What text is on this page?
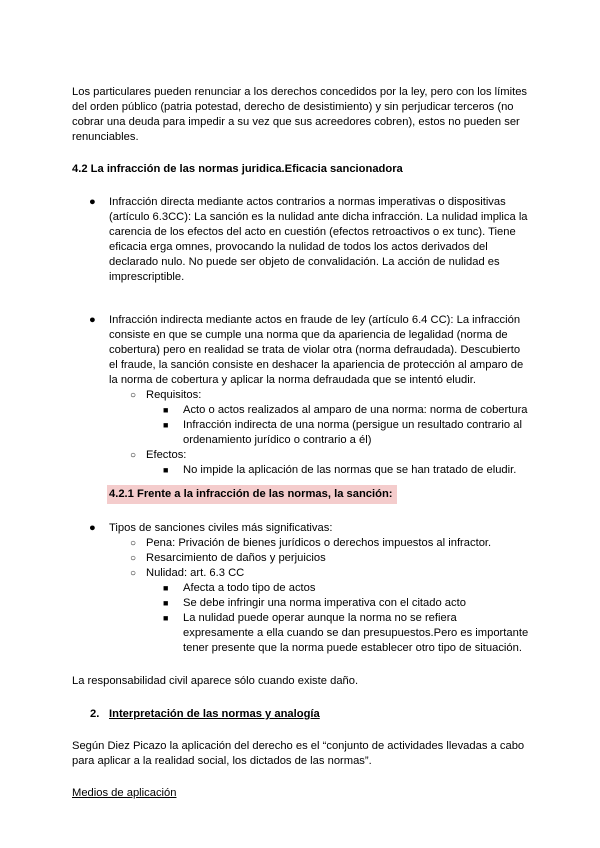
Los particulares pueden renunciar a los derechos concedidos por la ley, pero con los límites del orden público (patria potestad, derecho de desistimiento) y sin perjudicar terceros (no cobrar una deuda para impedir a su vez que sus acreedores cobren), estos no pueden ser renunciables.

4.2 La infracción de las normas juridica.Eficacia sancionadora

● Infracción directa mediante actos contrarios a normas imperativas o dispositivas (artículo 6.3CC): La sanción es la nulidad ante dicha infracción. La nulidad implica la carencia de los efectos del acto en cuestión (efectos retroactivos o ex tunc). Tiene eficacia erga omnes, provocando la nulidad de todos los actos derivados del declarado nulo. No puede ser objeto de convalidación. La acción de nulidad es imprescriptible.
● Infracción indirecta mediante actos en fraude de ley (artículo 6.4 CC): La infracción consiste en que se cumple una norma que da apariencia de legalidad (norma de cobertura) pero en realidad se trata de violar otra (norma defraudada). Descubierto el fraude, la sanción consiste en deshacer la apariencia de protección al amparo de la norma de cobertura y aplicar la norma defraudada que se intentó eludir.
○ Requisitos:
■ Acto o actos realizados al amparo de una norma: norma de cobertura
■ Infracción indirecta de una norma (persigue un resultado contrario al ordenamiento jurídico o contrario a él)
○ Efectos:
■ No impide la aplicación de las normas que se han tratado de eludir.
4.2.1 Frente a la infracción de las normas, la sanción:
● Tipos de sanciones civiles más significativas:
○ Pena: Privación de bienes jurídicos o derechos impuestos al infractor.
○ Resarcimiento de daños y perjuicios
○ Nulidad: art. 6.3 CC
■ Afecta a todo tipo de actos
■ Se debe infringir una norma imperativa con el citado acto
■ La nulidad puede operar aunque la norma no se refiera expresamente a ella cuando se dan presupuestos.Pero es importante tener presente que la norma puede establecer otro tipo de situación.

La responsabilidad civil aparece sólo cuando existe daño.

2. Interpretación de las normas y analogía

Según Diez Picazo la aplicación del derecho es el “conjunto de actividades llevadas a cabo para aplicar a la realidad social, los dictados de las normas”.

Medios de aplicación
